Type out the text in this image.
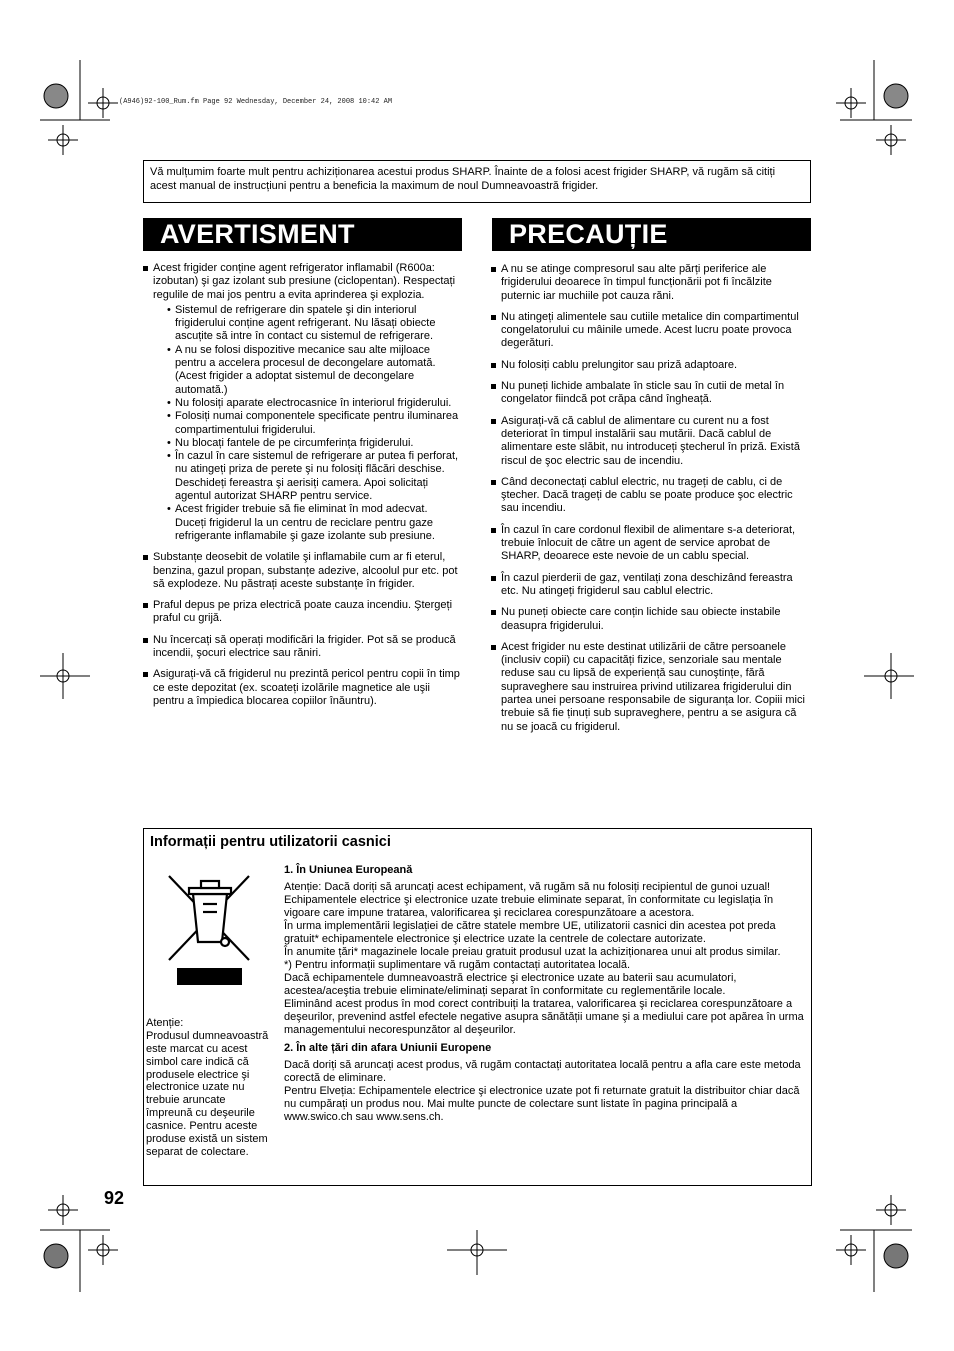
(A946)92-100_Rum.fm Page 92 Wednesday, December 24, 2008 10:42 AM
Vă mulțumim foarte mult pentru achiziționarea acestui produs SHARP. Înainte de a folosi acest frigider SHARP, vă rugăm să citiți acest manual de instrucțiuni pentru a beneficia la maximum de noul Dumneavoastră frigider.
AVERTISMENT	PRECAUȚIE
Acest frigider conține agent refrigerator inflamabil (R600a: izobutan) şi gaz izolant sub presiune (ciclopentan). Respectați regulile de mai jos pentru a evita aprinderea şi explozia.
• Sistemul de refrigerare din spatele şi din interiorul frigiderului conține agent refrigerant. Nu lăsați obiecte ascuțite să intre în contact cu sistemul de refrigerare.
• A nu se folosi dispozitive mecanice sau alte mijloace pentru a accelera procesul de decongelare automată. (Acest frigider a adoptat sistemul de decongelare automată.)
• Nu folosiți aparate electrocasnice în interiorul frigiderului.
• Folosiți numai componentele specificate pentru iluminarea compartimentului frigiderului.
• Nu blocați fantele de pe circumferința frigiderului.
• În cazul în care sistemul de refrigerare ar putea fi perforat, nu atingeți priza de perete şi nu folosiți flăcări deschise. Deschideți fereastra şi aerisiți camera. Apoi solicitați agentul autorizat SHARP pentru service.
• Acest frigider trebuie să fie eliminat în mod adecvat. Duceți frigiderul la un centru de reciclare pentru gaze refrigerante inflamabile şi gaze izolante sub presiune.
Substanțe deosebit de volatile şi inflamabile cum ar fi eterul, benzina, gazul propan, substanțe adezive, alcoolul pur etc. pot să explodeze. Nu păstrați aceste substanțe în frigider.
Praful depus pe priza electrică poate cauza incendiu. Ştergeți praful cu grijă.
Nu încercați să operați modificări la frigider. Pot să se producă incendii, şocuri electrice sau răniri.
Asigurați-vă că frigiderul nu prezintă pericol pentru copii în timp ce este depozitat (ex. scoateți izolările magnetice ale uşii pentru a împiedica blocarea copiilor înăuntru).
A nu se atinge compresorul sau alte părți periferice ale frigiderului deoarece în timpul funcționării pot fi încălzite puternic iar muchiile pot cauza răni.
Nu atingeți alimentele sau cutiile metalice din compartimentul congelatorului cu mâinile umede. Acest lucru poate provoca degerături.
Nu folosiți cablu prelungitor sau priză adaptoare.
Nu puneți lichide ambalate în sticle sau în cutii de metal în congelator fiindcă pot crăpa când îngheață.
Asigurați-vă că cablul de alimentare cu curent nu a fost deteriorat în timpul instalării sau mutării. Dacă cablul de alimentare este slăbit, nu introduceți ştecherul în priză. Există riscul de şoc electric sau de incendiu.
Când deconectați cablul electric, nu trageți de cablu, ci de ştecher. Dacă trageți de cablu se poate produce şoc electric sau incendiu.
În cazul în care cordonul flexibil de alimentare s-a deteriorat, trebuie înlocuit de către un agent de service aprobat de SHARP, deoarece este nevoie de un cablu special.
În cazul pierderii de gaz, ventilați zona deschizând fereastra etc. Nu atingeți frigiderul sau cablul electric.
Nu puneți obiecte care conțin lichide sau obiecte instabile deasupra frigiderului.
Acest frigider nu este destinat utilizării de către persoanele (inclusiv copii) cu capacități fizice, senzoriale sau mentale reduse sau cu lipsă de experiență sau cunoştințe, fără supraveghere sau instruirea privind utilizarea frigiderului din partea unei persoane responsabile de siguranța lor. Copiii mici trebuie să fie ținuți sub supraveghere, pentru a se asigura că nu se joacă cu frigiderul.
Informații pentru utilizatorii casnici

Atenție:
Produsul dumneavoastră este marcat cu acest simbol care indică că produsele electrice şi electronice uzate nu trebuie aruncate împreună cu deşeurile casnice. Pentru aceste produse există un sistem separat de colectare.

1. În Uniunea Europeană

Atenție: Dacă doriți să aruncați acest echipament, vă rugăm să nu folosiți recipientul de gunoi uzual!

Echipamentele electrice şi electronice uzate trebuie eliminate separat, în conformitate cu legislația în vigoare care impune tratarea, valorificarea şi reciclarea corespunzătoare a acestora.

În urma implementării legislației de către statele membre UE, utilizatorii casnici din acestea pot preda gratuit* echipamentele electronice şi electrice uzate la centrele de colectare autorizate.

În anumite țări* magazinele locale preiau gratuit produsul uzat la achiziționarea unui alt produs similar.

*) Pentru informații suplimentare vă rugăm contactați autoritatea locală.

Dacă echipamentele dumneavoastră electrice şi electronice uzate au baterii sau acumulatori, acestea/aceştia trebuie eliminate/eliminați separat în conformitate cu reglementările locale.

Eliminând acest produs în mod corect contribuiți la tratarea, valorificarea şi reciclarea corespunzătoare a deşeurilor, prevenind astfel efectele negative asupra sănătății umane şi a mediului care pot apărea în urma managementului necorespunzător al deşeurilor.

2. În alte țări din afara Uniunii Europene

Dacă doriți să aruncați acest produs, vă rugăm contactați autoritatea locală pentru a afla care este metoda corectă de eliminare.

Pentru Elveția: Echipamentele electrice şi electronice uzate pot fi returnate gratuit la distribuitor chiar dacă nu cumpărați un produs nou. Mai multe puncte de colectare sunt listate în pagina principală a www.swico.ch sau www.sens.ch.

92
